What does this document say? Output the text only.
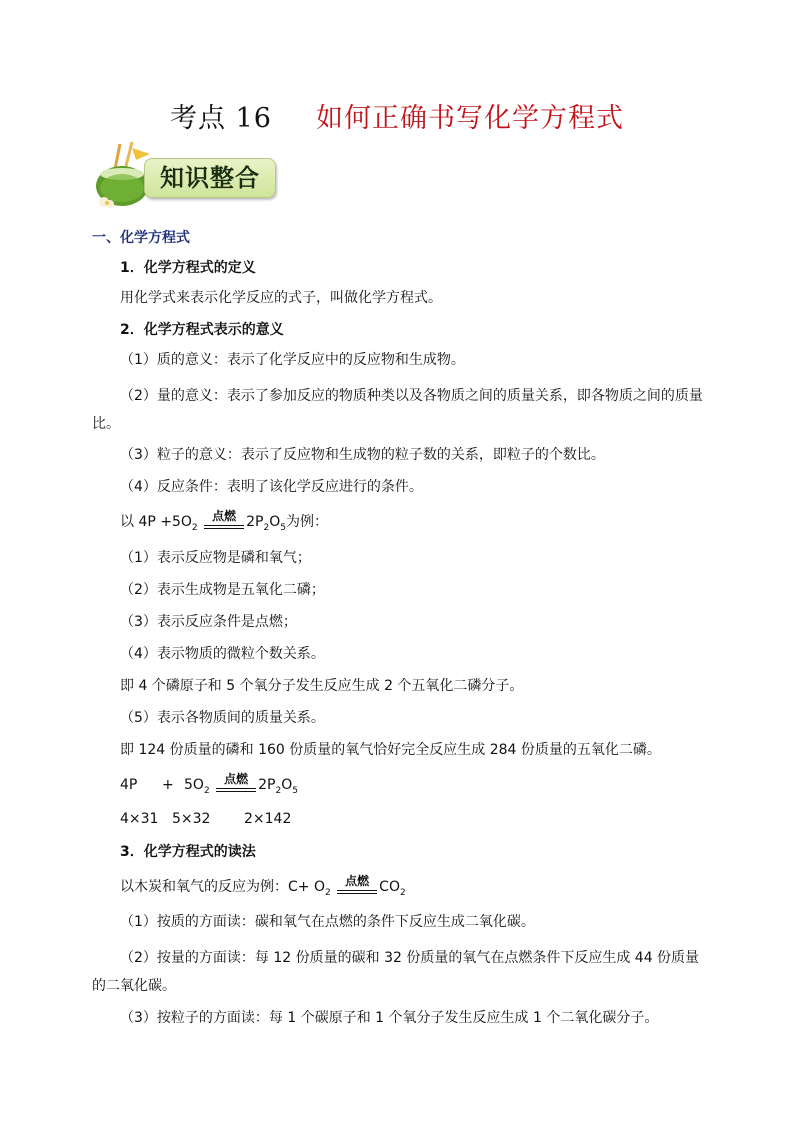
考点 16 如何正确书写化学方程式
知识整合
一、化学方程式
1．化学方程式的定义
用化学式来表示化学反应的式子，叫做化学方程式。
2．化学方程式表示的意义
（1）质的意义：表示了化学反应中的反应物和生成物。
（2）量的意义：表示了参加反应的物质种类以及各物质之间的质量关系，即各物质之间的质量比。
（3）粒子的意义：表示了反应物和生成物的粒子数的关系，即粒子的个数比。
（4）反应条件：表明了该化学反应进行的条件。
以 $4P +5O_2$
点燃 $2P_2O_5$为例：
（1）表示反应物是磷和氧气；
（2）表示生成物是五氧化二磷；
（3）表示反应条件是点燃；
（4）表示物质的微粒个数关系。
即 4 个磷原子和 5 个氧分子发生反应生成 2 个五氧化二磷分子。
（5）表示各物质间的质量关系。
即 124 份质量的磷和 160 份质量的氧气恰好完全反应生成 284 份质量的五氧化二磷。
$4P + 5O_2$
点燃 $2P_2O_5$
4×31 5×32 2×142
3．化学方程式的读法
以木炭和氧气的反应为例：$C+ O_2$
点燃 $CO_2$
（1）按质的方面读：碳和氧气在点燃的条件下反应生成二氧化碳。
（2）按量的方面读：每 12 份质量的碳和 32 份质量的氧气在点燃条件下反应生成 44 份质量的二氧化碳。
（3）按粒子的方面读：每 1 个碳原子和 1 个氧分子发生反应生成 1 个二氧化碳分子。
